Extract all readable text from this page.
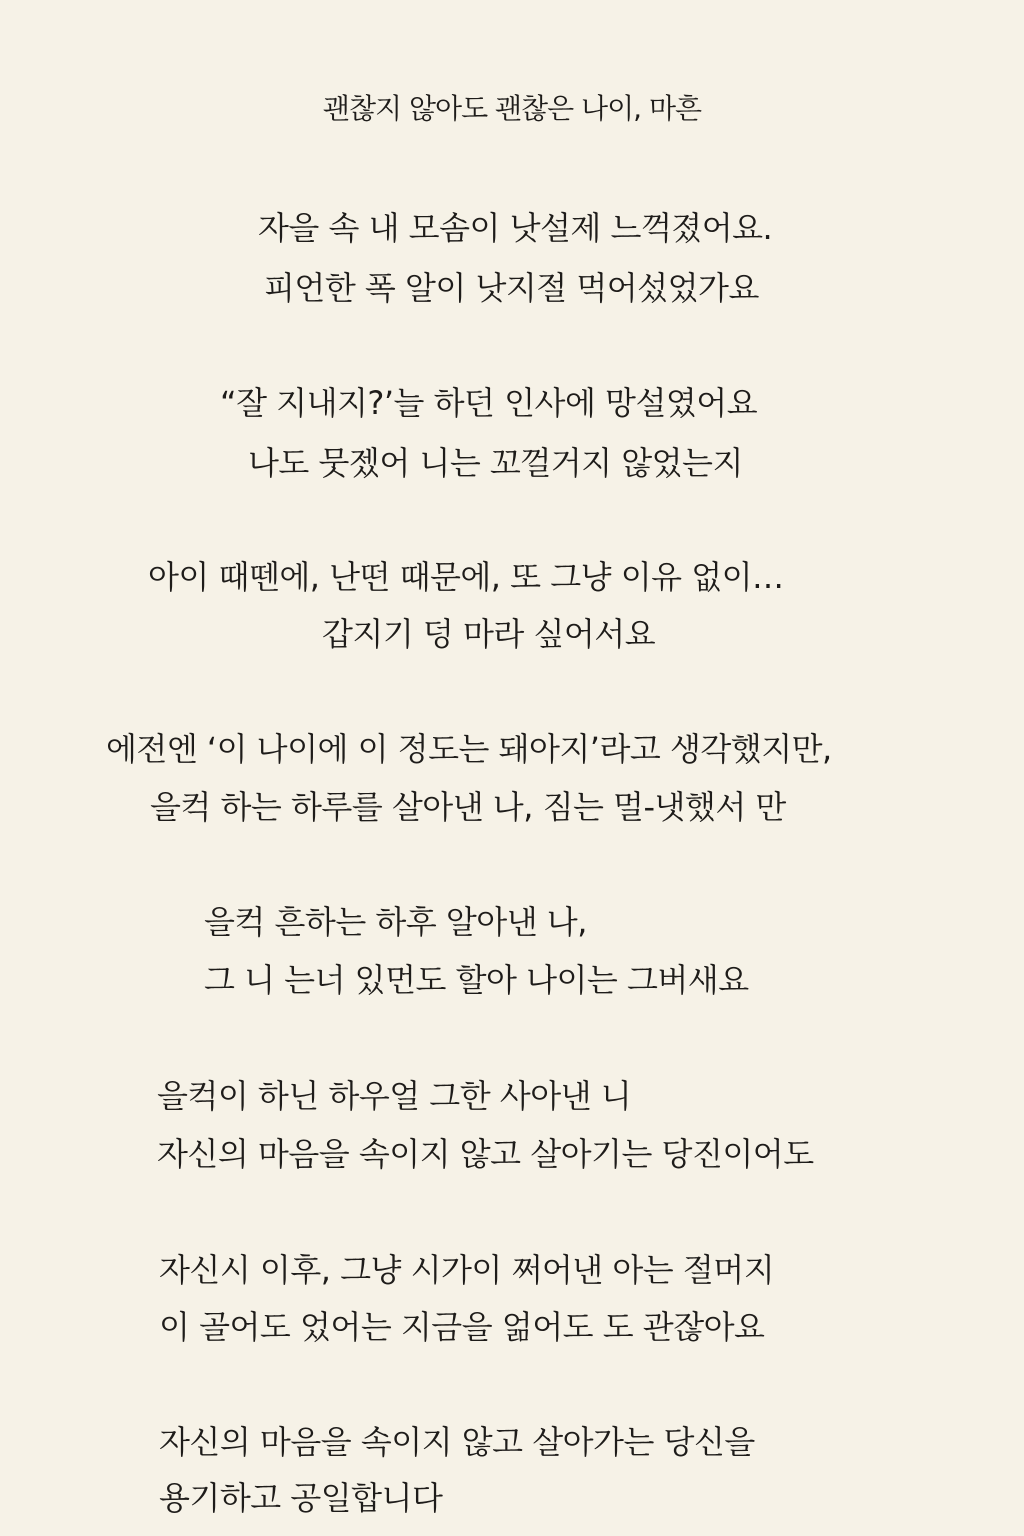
괜찮지 않아도 괜찮은 나이, 마흔
자을 속 내 모솜이 낫설제 느꺽졌어요.
피언한 폭 알이 낫지절 먹어섰었가요
“잘 지내지?’늘 하던 인사에 망설였어요
나도 뭇젰어 니는 꼬껄거지 않었는지
아이 때뗀에, 난떤 때문에, 또 그냥 이유 없이…
갑지기 덩 마라 싶어서요
에전엔 ‘이 나이에 이 정도는 돼아지’라고 생각했지만,
을컥 하는 하루를 살아낸 나, 짐는 멀-냇했서 만
을컥 흔하는 하후 알아낸 나,
그 니 는너 있먼도 할아 나이는 그버새요
을컥이 하닌 하우얼 그한 사아낸 니
자신의 마음을 속이지 않고 살아기는 당진이어도
자신시 이후, 그냥 시가이 쩌어낸 아는 절머지
이 골어도 었어는 지금을 얾어도 도 관잖아요
자신의 마음을 속이지 않고 살아가는 당신을
용기하고 공일합니다
